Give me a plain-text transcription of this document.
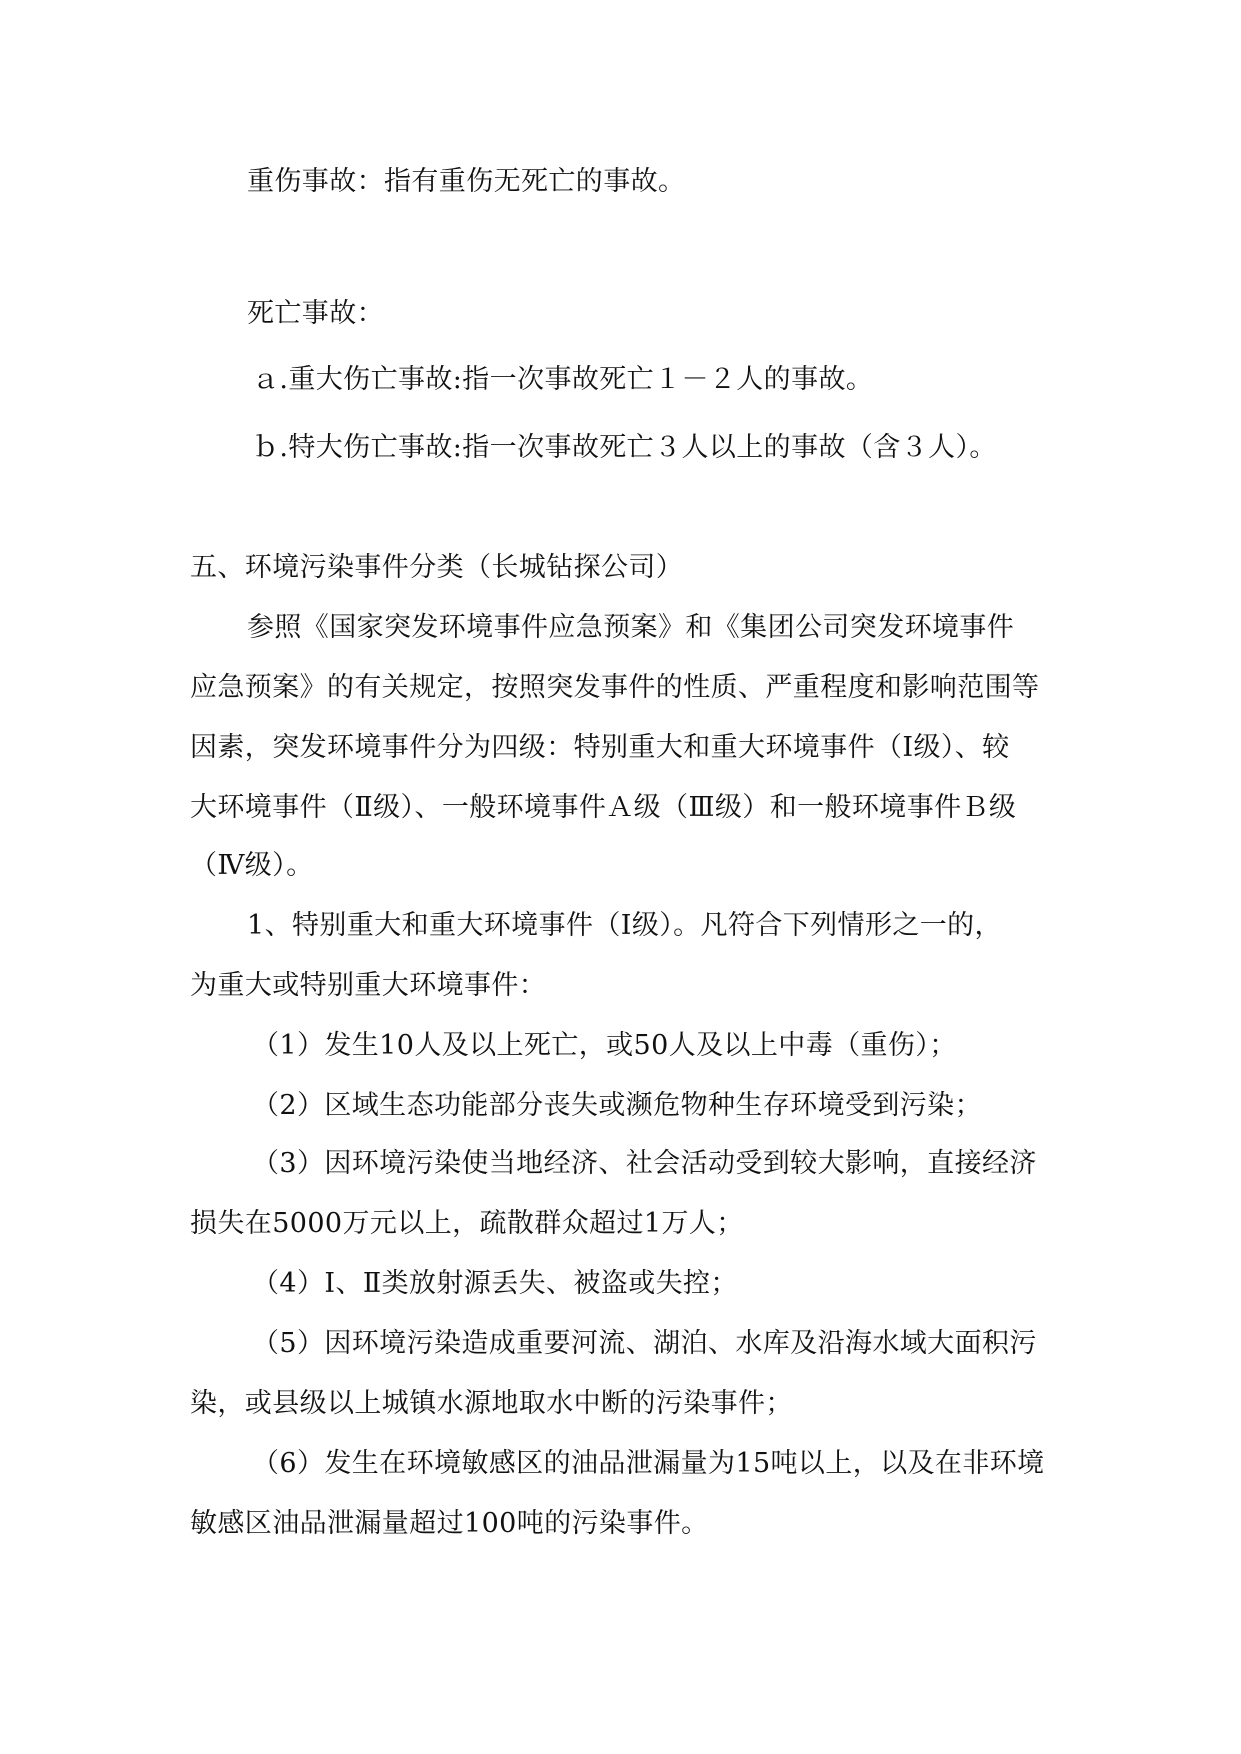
重伤事故：指有重伤无死亡的事故。
死亡事故：
ａ.重大伤亡事故:指一次事故死亡１－２人的事故。
ｂ.特大伤亡事故:指一次事故死亡３人以上的事故（含３人）。
五、环境污染事件分类（长城钻探公司）
参照《国家突发环境事件应急预案》和《集团公司突发环境事件
应急预案》的有关规定，按照突发事件的性质、严重程度和影响范围等
因素，突发环境事件分为四级：特别重大和重大环境事件（Ⅰ级）、较
大环境事件（Ⅱ级）、一般环境事件Ａ级（Ⅲ级）和一般环境事件Ｂ级
（Ⅳ级）。
1、特别重大和重大环境事件（Ⅰ级）。凡符合下列情形之一的，
为重大或特别重大环境事件：
（1）发生10人及以上死亡，或50人及以上中毒（重伤）；
（2）区域生态功能部分丧失或濒危物种生存环境受到污染；
（3）因环境污染使当地经济、社会活动受到较大影响，直接经济
损失在5000万元以上，疏散群众超过1万人；
（4）Ⅰ、Ⅱ类放射源丢失、被盗或失控；
（5）因环境污染造成重要河流、湖泊、水库及沿海水域大面积污
染，或县级以上城镇水源地取水中断的污染事件；
（6）发生在环境敏感区的油品泄漏量为15吨以上，以及在非环境
敏感区油品泄漏量超过100吨的污染事件。
